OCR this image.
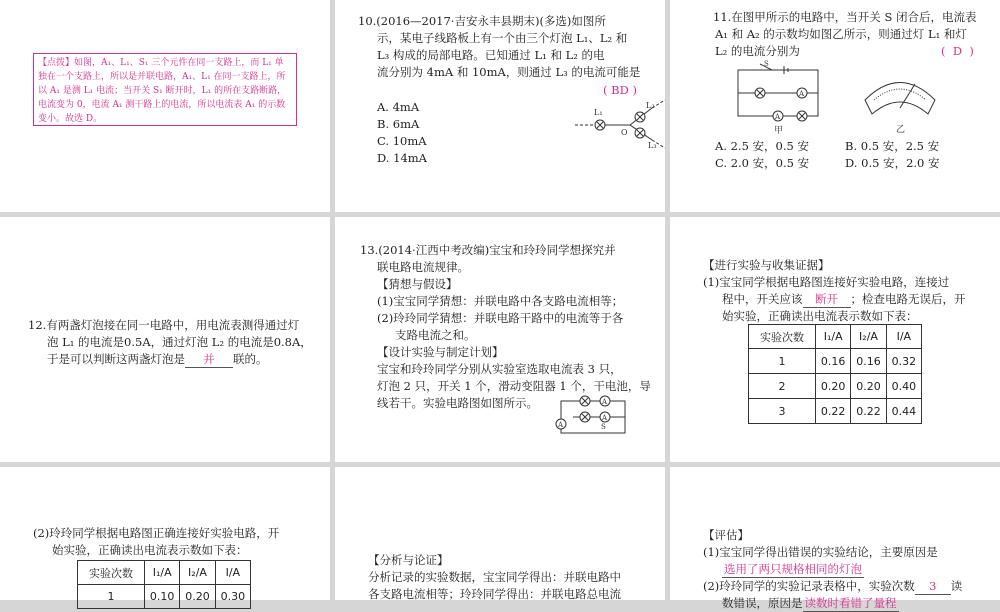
【点拨】如图，A₁、L₁、S₁ 三个元件在同一支路上，而 L₁ 单独在一个支路上，所以是并联电路，A₁、L₁ 在同一支路上，所以 A₁ 是测 L₁ 电流；当开关 S₁ 断开时，L₁ 的所在支路断路，电流变为 0，电流 A₁ 测干路上的电流，所以电流表 A₁ 的示数变小。故选 D。
10.(2016—2017·吉安永丰县期末)(多选)如图所
示，某电子线路板上有一个由三个灯泡 L₁、L₂ 和
L₃ 构成的局部电路。已知通过 L₁ 和 L₂ 的电
流分别为 4mA 和 10mA，则通过 L₃ 的电流可能是
( BD )
A. 4mA
B. 6mA
C. 10mA
D. 14mA
L₁
O
L₂
L₃
11.在图甲所示的电路中，当开关 S 闭合后，电流表
A₁ 和 A₂ 的示数均如图乙所示，则通过灯 L₁ 和灯
L₂ 的电流分别为	(  D  )
S
A
A
甲	乙
A. 2.5 安，0.5 安	B. 0.5 安，2.5 安
C. 2.0 安，0.5 安	D. 0.5 安，2.0 安
12.有两盏灯泡接在同一电路中，用电流表测得通过灯
泡 L₁ 的电流是0.5A，通过灯泡 L₂ 的电流是0.8A，
于是可以判断这两盏灯泡是 并 联的。
13.(2014·江西中考改编)宝宝和玲玲同学想探究并
联电路电流规律。
【猜想与假设】
(1)宝宝同学猜想：并联电路中各支路电流相等；
(2)玲玲同学猜想：并联电路干路中的电流等于各
支路电流之和。
【设计实验与制定计划】
宝宝和玲玲同学分别从实验室选取电流表 3 只，
灯泡 2 只，开关 1 个，滑动变阻器 1 个，干电池，导
线若干。实验电路图如图所示。	A
A
A	S
【进行实验与收集证据】
(1)宝宝同学根据电路图连接好实验电路，连接过
程中，开关应该 断开 ；检查电路无误后，开
始实验，正确读出电流表示数如下表：
实验次数	I₁/A	I₂/A	I/A
1	0.16	0.16	0.32
2	0.20	0.20	0.40
3	0.22	0.22	0.44
(2)玲玲同学根据电路图正确连接好实验电路，开
始实验，正确读出电流表示数如下表：
实验次数	I₁/A	I₂/A	I/A
1	0.10	0.20	0.30
【分析与论证】
分析记录的实验数据，宝宝同学得出：并联电路中
各支路电流相等；玲玲同学得出：并联电路总电流
【评估】
(1)宝宝同学得出错误的实验结论，主要原因是
选用了两只规格相同的灯泡
(2)玲玲同学的实验记录表格中，实验次数 3 读
数错误，原因是 读数时看错了量程
